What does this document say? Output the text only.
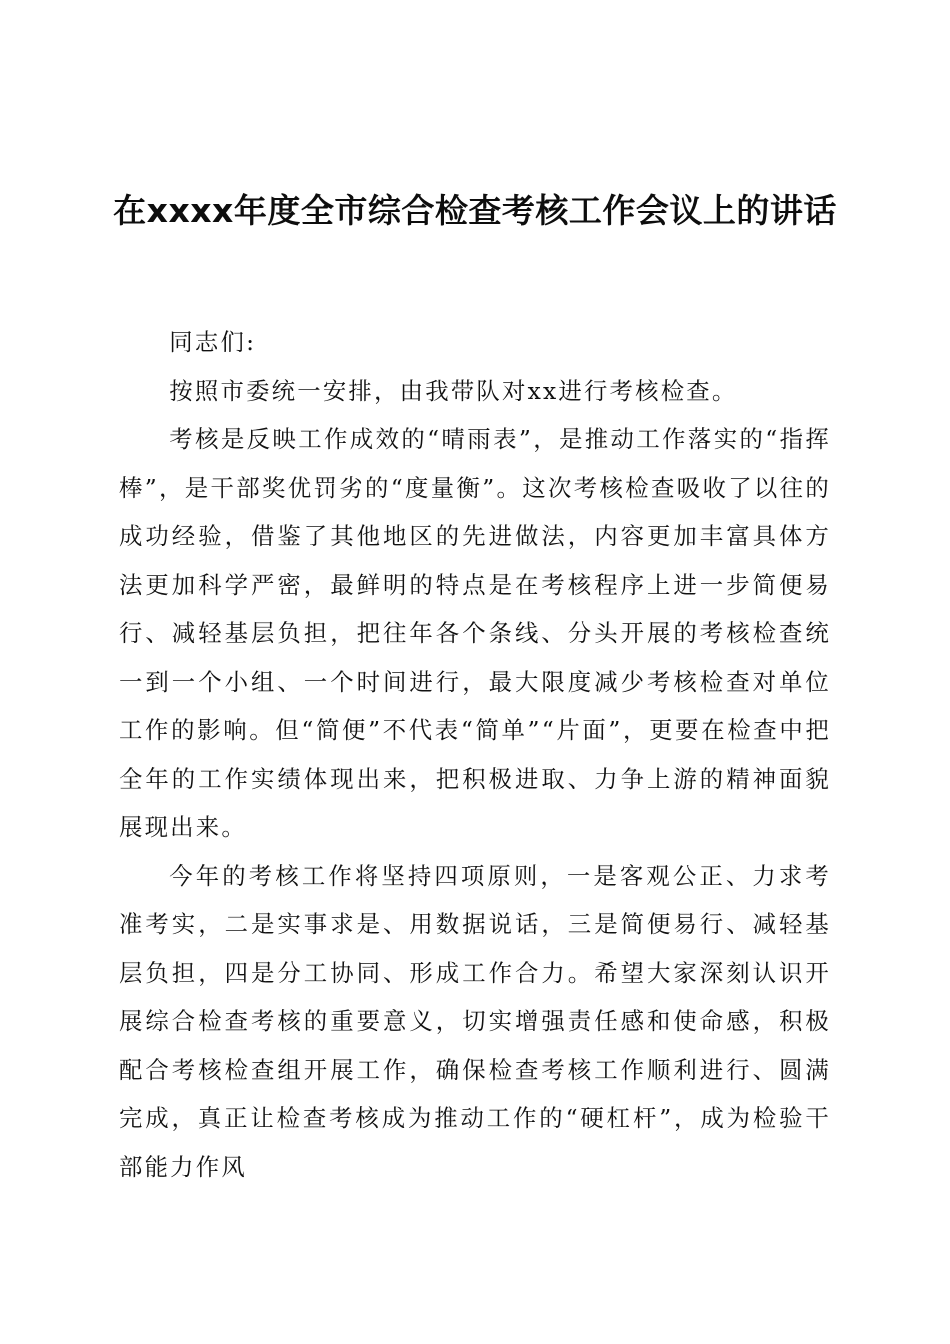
在xxxx年度全市综合检查考核工作会议上的讲话

同志们:

按照市委统一安排，由我带队对xx进行考核检查。

考核是反映工作成效的“晴雨表”，是推动工作落实的“指挥棒”，是干部奖优罚劣的“度量衡”。这次考核检查吸收了以往的成功经验，借鉴了其他地区的先进做法，内容更加丰富具体方法更加科学严密，最鲜明的特点是在考核程序上进一步简便易行、减轻基层负担，把往年各个条线、分头开展的考核检查统一到一个小组、一个时间进行，最大限度减少考核检查对单位工作的影响。但“简便”不代表“简单”“片面”，更要在检查中把全年的工作实绩体现出来，把积极进取、力争上游的精神面貌展现出来。

今年的考核工作将坚持四项原则，一是客观公正、力求考准考实，二是实事求是、用数据说话，三是简便易行、减轻基层负担，四是分工协同、形成工作合力。希望大家深刻认识开展综合检查考核的重要意义，切实增强责任感和使命感，积极配合考核检查组开展工作，确保检查考核工作顺利进行、圆满完成，真正让检查考核成为推动工作的“硬杠杆”，成为检验干部能力作风
